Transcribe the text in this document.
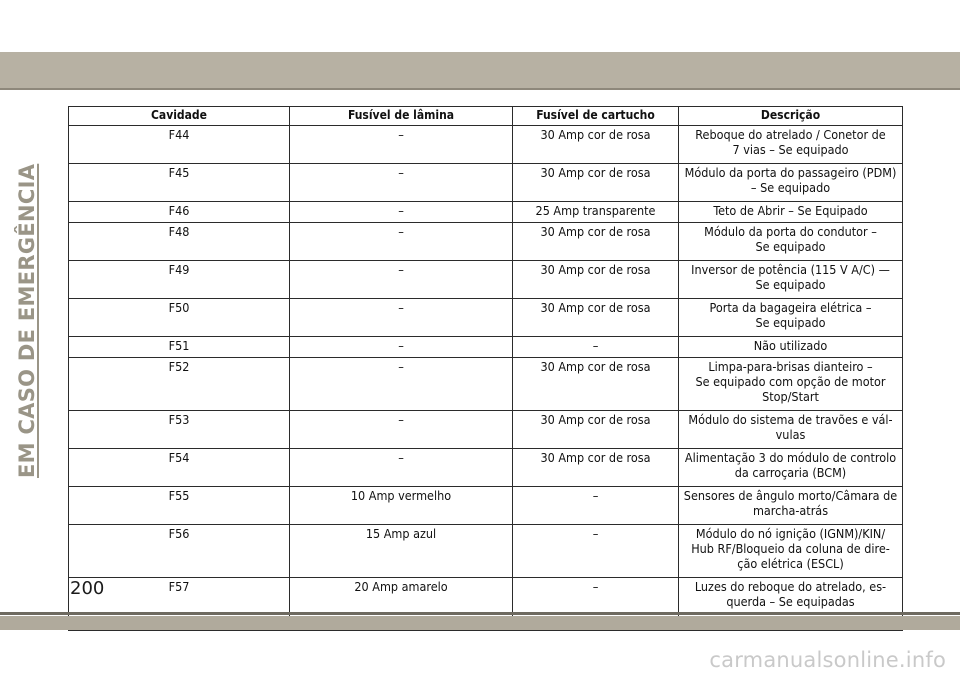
EM CASO DE EMERGÊNCIA
Cavidade	Fusível de lâmina	Fusível de cartucho	Descrição
F44	–	30 Amp cor de rosa	Reboque do atrelado / Conetor de
7 vias – Se equipado
F45	–	30 Amp cor de rosa	Módulo da porta do passageiro (PDM)
– Se equipado
F46	–	25 Amp transparente	Teto de Abrir – Se Equipado
F48	–	30 Amp cor de rosa	Módulo da porta do condutor –
Se equipado
F49	–	30 Amp cor de rosa	Inversor de potência (115 V A/C) —
Se equipado
F50	–	30 Amp cor de rosa	Porta da bagageira elétrica –
Se equipado
F51	–	–	Não utilizado
F52	–	30 Amp cor de rosa	Limpa-para-brisas dianteiro –
Se equipado com opção de motor
Stop/Start
F53	–	30 Amp cor de rosa	Módulo do sistema de travões e vál-
vulas
F54	–	30 Amp cor de rosa	Alimentação 3 do módulo de controlo
da carroçaria (BCM)
F55	10 Amp vermelho	–	Sensores de ângulo morto/Câmara de
marcha-atrás
F56	15 Amp azul	–	Módulo do nó ignição (IGNM)/KIN/
Hub RF/Bloqueio da coluna de dire-
ção elétrica (ESCL)
F57	20 Amp amarelo	–	Luzes do reboque do atrelado, es-
querda – Se equipadas
200
carmanualsonline.info
